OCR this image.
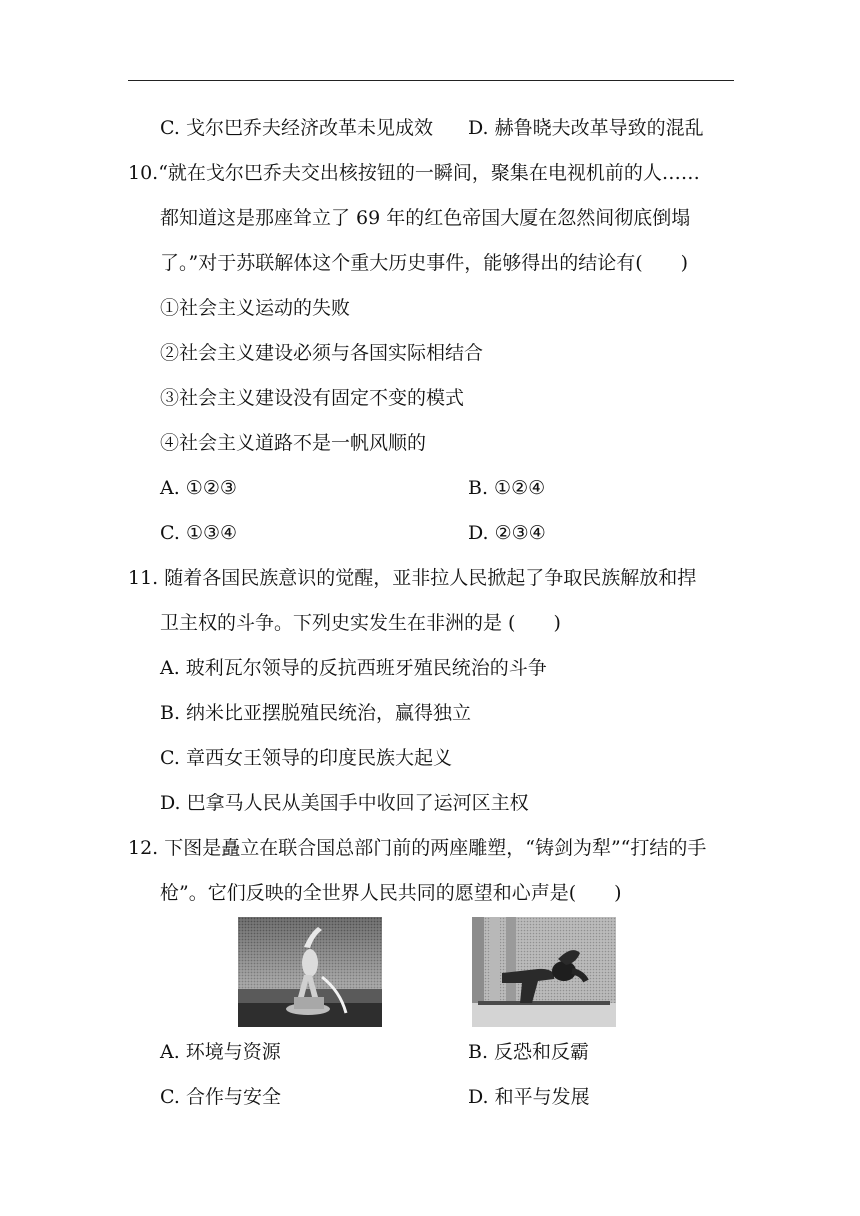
C. 戈尔巴乔夫经济改革未见成效 D. 赫鲁晓夫改革导致的混乱
10.“就在戈尔巴乔夫交出核按钮的一瞬间，聚集在电视机前的人……
都知道这是那座耸立了 69 年的红色帝国大厦在忽然间彻底倒塌
了。”对于苏联解体这个重大历史事件，能够得出的结论有(　　)
①社会主义运动的失败
②社会主义建设必须与各国实际相结合
③社会主义建设没有固定不变的模式
④社会主义道路不是一帆风顺的
A. ①②③	B. ①②④
C. ①③④	D. ②③④
11. 随着各国民族意识的觉醒，亚非拉人民掀起了争取民族解放和捍
卫主权的斗争。下列史实发生在非洲的是 (　　)
A. 玻利瓦尔领导的反抗西班牙殖民统治的斗争
B. 纳米比亚摆脱殖民统治，赢得独立
C. 章西女王领导的印度民族大起义
D. 巴拿马人民从美国手中收回了运河区主权
12. 下图是矗立在联合国总部门前的两座雕塑，“铸剑为犁”“打结的手
枪”。它们反映的全世界人民共同的愿望和心声是(　　)
A. 环境与资源	B. 反恐和反霸
C. 合作与安全	D. 和平与发展
